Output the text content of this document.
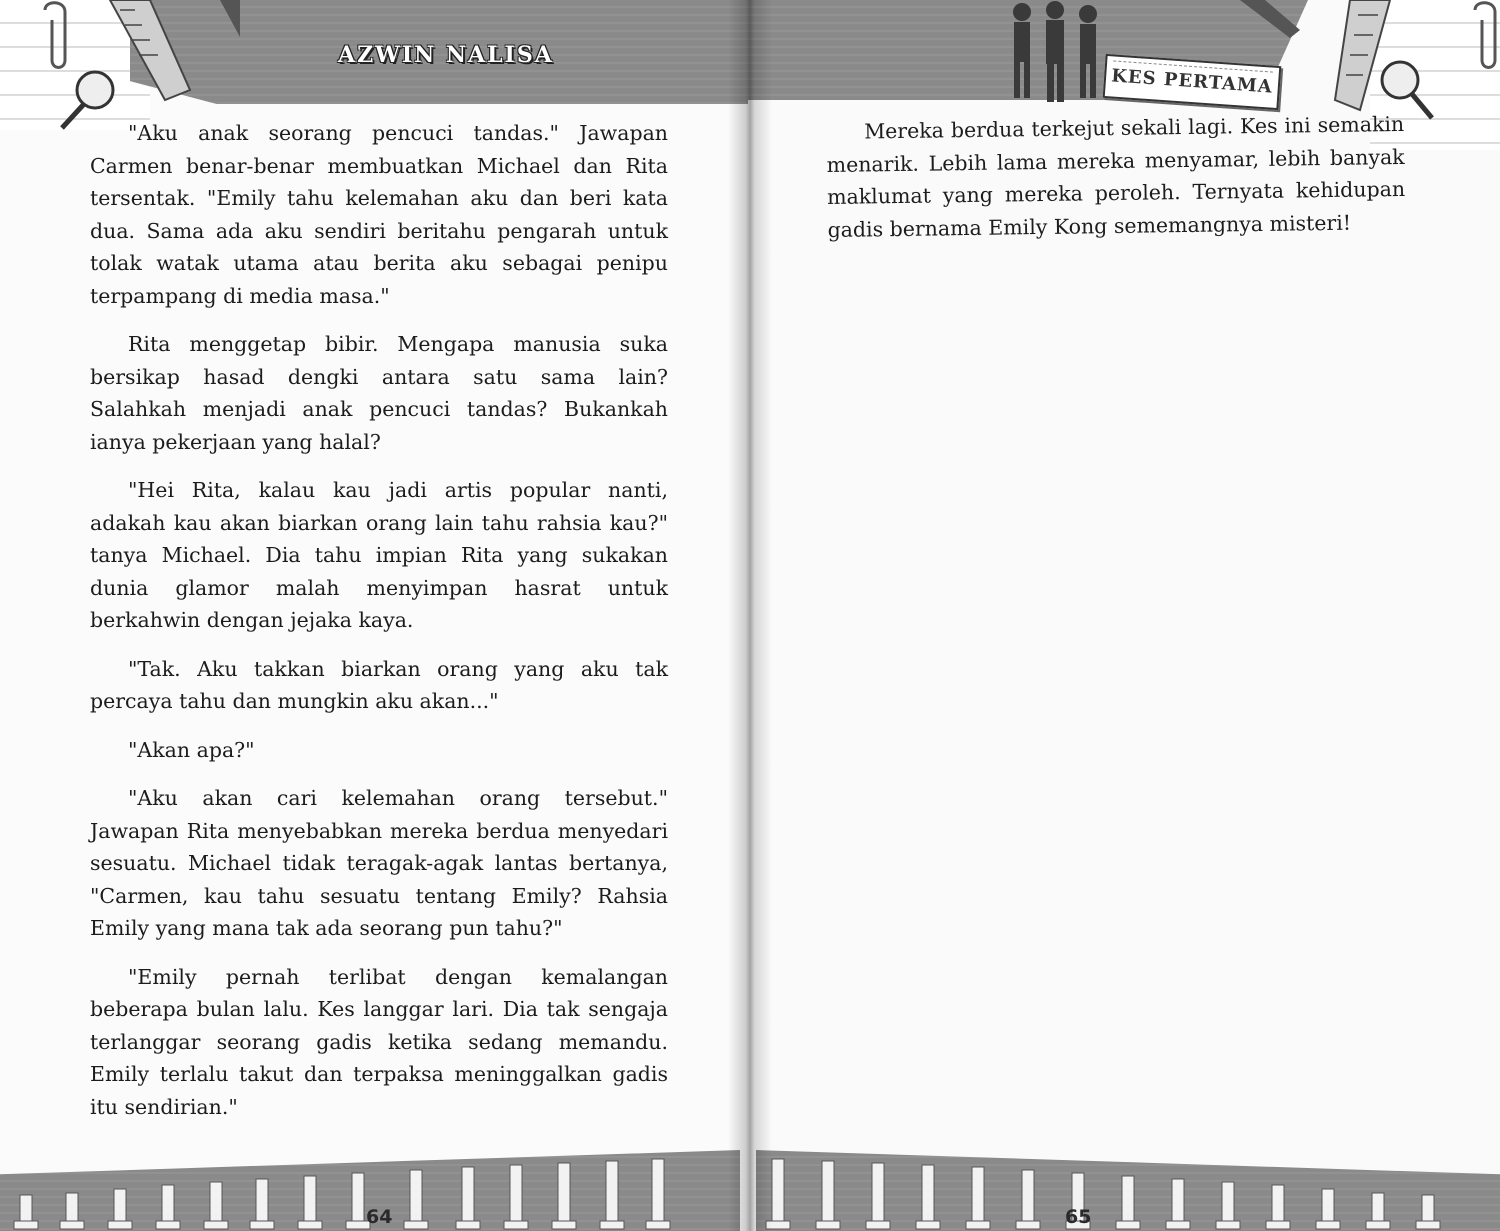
AZWIN NALISA

"Aku anak seorang pencuci tandas." Jawapan Carmen benar-benar membuatkan Michael dan Rita tersentak. "Emily tahu kelemahan aku dan beri kata dua. Sama ada aku sendiri beritahu pengarah untuk tolak watak utama atau berita aku sebagai penipu terpampang di media masa."

Rita menggetap bibir. Mengapa manusia suka bersikap hasad dengki antara satu sama lain? Salahkah menjadi anak pencuci tandas? Bukankah ianya pekerjaan yang halal?

"Hei Rita, kalau kau jadi artis popular nanti, adakah kau akan biarkan orang lain tahu rahsia kau?" tanya Michael. Dia tahu impian Rita yang sukakan dunia glamor malah menyimpan hasrat untuk berkahwin dengan jejaka kaya.

"Tak. Aku takkan biarkan orang yang aku tak percaya tahu dan mungkin aku akan..."

"Akan apa?"

"Aku akan cari kelemahan orang tersebut." Jawapan Rita menyebabkan mereka berdua menyedari sesuatu. Michael tidak teragak-agak lantas bertanya, "Carmen, kau tahu sesuatu tentang Emily? Rahsia Emily yang mana tak ada seorang pun tahu?"

"Emily pernah terlibat dengan kemalangan beberapa bulan lalu. Kes langgar lari. Dia tak sengaja terlanggar seorang gadis ketika sedang memandu. Emily terlalu takut dan terpaksa meninggalkan gadis itu sendirian."

64
KES PERTAMA
65

Mereka berdua terkejut sekali lagi. Kes ini semakin menarik. Lebih lama mereka menyamar, lebih banyak maklumat yang mereka peroleh. Ternyata kehidupan gadis bernama Emily Kong sememangnya misteri!
